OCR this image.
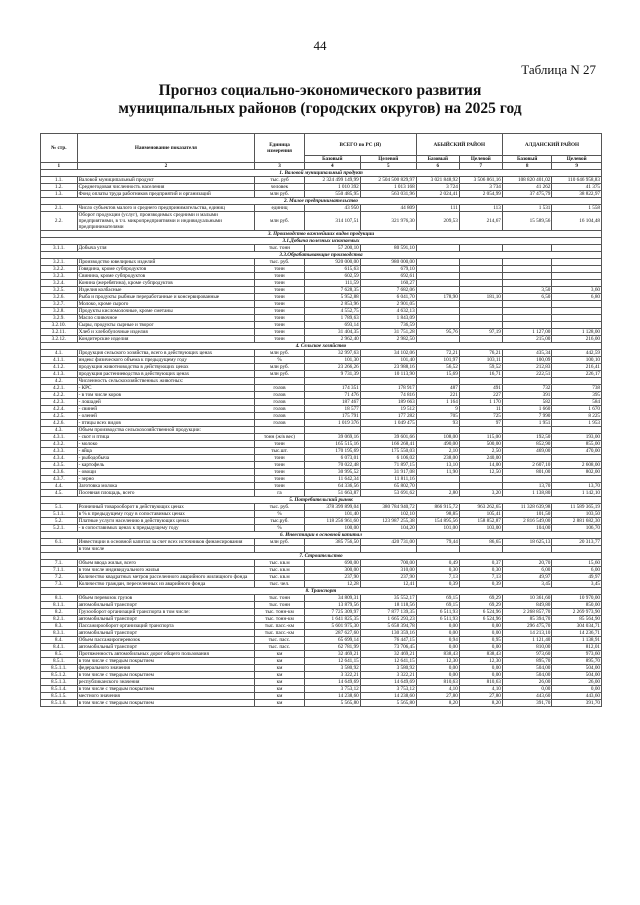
44
Таблица N 27
Прогноз социально-экономического развития
муниципальных районов (городских округов) на 2025 год
№ стр.	Наименование показателя	Единица измерения	ВСЕГО по РС (Я)		АБЫЙСКИЙ РАЙОН		АЛДАНСКИЙ РАЙОН	
			Базовый	Целевой	Базовый	Целевой	Базовый	Целевой
1	2	3	4	5	6	7	8	9
1. Валовой муниципальный продукт								
1.1.	Валовой муниципальный продукт	тыс. руб	2 324 499 149,99	2 504 500 829,97	3 021 848,92	3 506 861,16	108 820 401,02	110 646 958,83
1.2.	Среднегодовая численность населения	человек	1 010 392	1 013 168	3 724	3 734	41 262	41 375
1.3.	Фонд оплаты труда работников предприятий и организаций	млн руб.	550 485,95	563 031,96	2 024,41	2 054,99	37 475,79	38 822,97
2. Малое предпринимательство								
2.1.	Число субъектов малого и среднего предпринимательства, единиц	единиц	43 950	44 809	111	113	1 531	1 558
2.2.	Оборот продукции (услуг), производимых средними и малыми предприятиями, в т.ч. микропредприятиями и индивидуальными предпринимателями	млн руб.	314 107,51	321 976,30	209,53	214,67	15 589,56	16 104,48
3. Производство важнейших видов продукции								
3.1.Добыча полезных ископаемых								
3.1.1.	Добыча угля	тыс. тонн	57 200,10	80 591,10				
3.3.Обрабатывающие производства								
3.2.1.	Производство ювелирных изделий	тыс. руб.	920 000,00	980 000,00				
3.2.2.	Говядина, кроме субпродуктов	тонн	615,63	679,10				
3.2.3.	Свинина, кроме субпродуктов	тонн	602,59	692,61				
3.2.4.	Конина (жеребятина), кроме субпродуктов	тонн	111,59	160,27				
3.2.5.	Изделия колбасные	тонн	7 628,35	7 682,06			3,50	3,60
3.2.6.	Рыба и продукты рыбные переработанные и консервированные	тонн	5 952,88	6 041,70	178,90	181,10	6,50	6,80
3.2.7.	Молоко, кроме сырого	тонн	2 853,96	2 901,05				
3.2.8.	Продукты кисломолочные, кроме сметаны	тонн	4 552,75	4 632,13				
3.2.9.	Масло сливочное	тонн	1 789,63	1 843,09				
3.2.10.	Сыры, продукты сырные и творог	тонн	693,14	736,59				
3.2.11.	Хлеб и хлебобулочные изделия	тонн	31 404,35	31 751,28	95,76	97,19	1 127,00	1 128,00
3.2.12.	Кондитерские изделия	тонн	2 962,40	2 982,50			215,00	216,00
4. Сельское хозяйство								
4.1.	Продукция сельского хозяйства, всего в действующих ценах	млн руб.	32 997,63	34 102,06	72,21	76,21	435,34	442,59
4.1.1.	индекс физического объема к предыдущему году	%	101,30	101,40	101,97	103,11	100,09	100,10
4.1.2.	продукция животноводства в действующих ценах	млн руб.	23 266,26	23 988,16	56,52	59,52	212,83	216,41
4.1.3.	продукция растениеводства в действующих ценах	млн руб.	9 731,39	10 113,90	15,69	16,71	222,51	226,17
4.2.	Численность сельскохозяйственных животных:							
4.2.1.	- КРС	голов	174 351	178 917	487	491	732	738
4.2.2.	- в том числе коров	голов	71 476	74 816	221	227	391	395
4.2.3.	- лошадей	голов	187 467	189 663	1 164	1 170	582	584
4.2.4.	- свиней	голов	18 577	19 512	9	11	1 660	1 670
4.2.5.	- оленей	голов	175 791	177 282	705	725	7 990	8 225
4.2.6.	- птицы всех видов	голов	1 019 376	1 049 475	93	97	1 951	1 953
4.3.	Объем производства сельскохозяйственной продукции:							
4.3.1.	- скот и птица	тонн (ж/в вес)	39 069,16	39 601,66	108,00	115,00	192,50	193,00
4.3.2.	- молоко	тонн	165 515,16	166 268,41	490,00	500,00	852,90	855,00
4.3.3.	- яйца	тыс.шт.	170 195,69	175 550,03	2,10	2,50	469,00	470,00
4.3.4.	- рыбодобыча	тонн	6 073,01	6 106,02	238,00	240,00		
4.3.5.	- картофель	тонн	70 022,48	71 897,15	13,10	14,00	2 607,10	2 608,00
4.3.6.	- овощи	тонн	30 995,52	31 917,08	11,90	12,50	801,00	802,00
4.3.7.	- зерно	тонн	11 642,34	11 811,16				
4.4.	Заготовка молока	тонн	64 336,56	65 802,70			13,70	13,70
4.5.	Посевная площадь, всего	га	51 663,87	53 691,62	2,80	3,20	1 138,80	1 142,10
5. Потребительский рынок								
5.1.	Розничный товарооборот в действующих ценах	тыс. руб.	378 399 899,04	380 784 940,72	866 915,72	963 262,65	11 328 639,98	11 589 365,19
5.1.1.	в % к предыдущему году в сопоставимых ценах	%	101,40	102,10	98,85	105,41	101,50	103,50
5.2.	Платные услуги населению в действующих ценах	тыс.руб.	118 256 961,60	123 987 255,38	154 895,56	158 852,87	2 816 549,00	2 881 682,30
5.2.1.	- в сопоставимых ценах к предыдущему году	%	100,00	104,20	101,00	103,00	104,00	106,70
6. Инвестиции в основной капитал								
6.1.	Инвестиции в основной капитал за счет всех источников финансирования	млн руб.	385 756,50	420 731,00	79,44	86,65	18 625,13	20 313,77
	в том числе							
7. Строительство								
7.1.	Объем ввода жилья, всего	тыс. кв.м	690,00	700,00	0,49	0,37	20,70	15,60
7.1.1.	в том числе индивидуального жилья	тыс. кв.м	300,00	310,00	0,30	0,30	6,00	6,00
7.2.	Количество квадратных метров расселенного аварийного жилищного фонда	тыс. кв.м	237,90	237,90	7,13	7,13	49,97	49,97
7.3.	Количество граждан, переселенных из аварийного фонда	тыс. чел.	12,28	12,41	0,39	0,39	3,45	3,45
8. Транспорт								
8.1.	Объем перевозок грузов	тыс. тонн	34 809,31	35 552,17	69,15	69,29	10 361,60	10 970,00
8.1.1.	автомобильный транспорт	тыс. тонн	13 879,56	18 118,56	69,15	69,29	849,80	850,00
8.2.	Грузооборот организаций транспорта в том числе:	тыс. тонн-км	7 725 309,97	7 877 139,35	6 511,93	6 524,96	2 268 857,70	2 269 973,90
8.2.1.	автомобильный транспорт	тыс. тонн-км	1 641 825,35	1 665 293,23	6 511,93	6 524,96	85 394,70	85 564,90
8.3.	Пассажирооборот организаций транспорта	тыс. пасс.-км	5 601 975,30	5 658 394,78	0,00	0,00	296 475,70	304 034,71
8.3.1.	автомобильный транспорт	тыс. пасс.-км	287 627,60	130 359,16	0,00	0,00	14 213,10	14 236,71
8.4.	Объем пассажироперевозок	тыс. пасс.	65 699,14	76 447,15	0,94	0,95	1 121,40	1 138,91
8.4.1.	автомобильный транспорт	тыс. пасс.	62 781,99	73 706,45	0,00	0,00	810,00	812,01
8.5.	Протяженность автомобильных дорог общего пользования	км	32 469,21	32 469,21	838,43	838,43	973,60	973,60
8.5.1.	в том числе с твердым покрытием	км	12 641,15	12 641,15	12,30	12,30	895,70	895,70
8.5.1.1.	федерального значения	км	3 580,92	3 580,92	0,00	0,00	504,00	504,00
8.5.1.2.	в том числе с твердым покрытием	км	3 322,21	3 322,21	0,00	0,00	504,00	504,00
8.5.1.3.	республиканского значения	км	14 649,69	14 649,69	810,63	810,63	26,00	26,00
8.5.1.4.	в том числе с твердым покрытием	км	3 753,12	3 753,12	4,10	4,10	0,00	0,00
8.5.1.5.	местного значения	км	14 238,60	14 238,60	27,80	27,80	443,60	443,60
8.5.1.6.	в том числе с твердым покрытием	км	5 565,80	5 565,80	8,20	8,20	391,70	391,70
